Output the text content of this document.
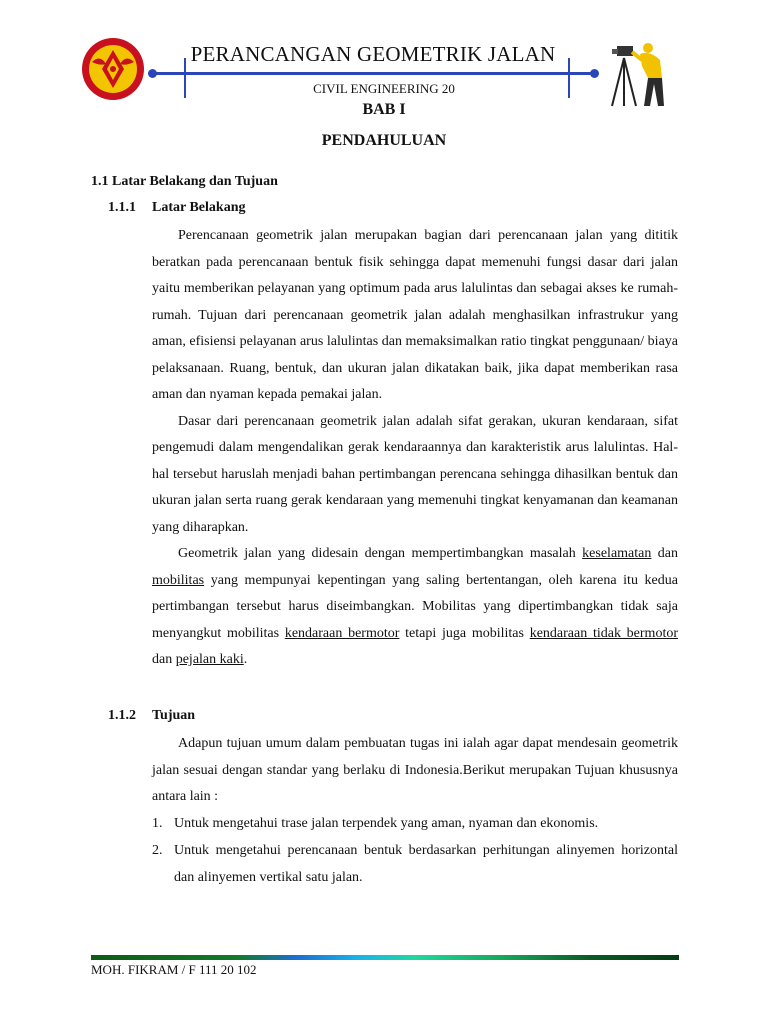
PERANCANGAN GEOMETRIK JALAN
CIVIL ENGINEERING 20
BAB I
PENDAHULUAN
1.1 Latar Belakang dan Tujuan
1.1.1 Latar Belakang

Perencanaan geometrik jalan merupakan bagian dari perencanaan jalan yang dititik beratkan pada perencanaan bentuk fisik sehingga dapat memenuhi fungsi dasar dari jalan yaitu memberikan pelayanan yang optimum pada arus lalulintas dan sebagai akses ke rumah-rumah. Tujuan dari perencanaan geometrik jalan adalah menghasilkan infrastrukur yang aman, efisiensi pelayanan arus lalulintas dan memaksimalkan ratio tingkat penggunaan/ biaya pelaksanaan. Ruang, bentuk, dan ukuran jalan dikatakan baik, jika dapat memberikan rasa aman dan nyaman kepada pemakai jalan.

Dasar dari perencanaan geometrik jalan adalah sifat gerakan, ukuran kendaraan, sifat pengemudi dalam mengendalikan gerak kendaraannya dan karakteristik arus lalulintas. Hal-hal tersebut haruslah menjadi bahan pertimbangan perencana sehingga dihasilkan bentuk dan ukuran jalan serta ruang gerak kendaraan yang memenuhi tingkat kenyamanan dan keamanan yang diharapkan.

Geometrik jalan yang didesain dengan mempertimbangkan masalah keselamatan dan mobilitas yang mempunyai kepentingan yang saling bertentangan, oleh karena itu kedua pertimbangan tersebut harus diseimbangkan. Mobilitas yang dipertimbangkan tidak saja menyangkut mobilitas kendaraan bermotor tetapi juga mobilitas kendaraan tidak bermotor dan pejalan kaki.

1.1.2 Tujuan

Adapun tujuan umum dalam pembuatan tugas ini ialah agar dapat mendesain geometrik jalan sesuai dengan standar yang berlaku di Indonesia.Berikut merupakan Tujuan khususnya antara lain :

1. Untuk mengetahui trase jalan terpendek yang aman, nyaman dan ekonomis.
2. Untuk mengetahui perencanaan bentuk berdasarkan perhitungan alinyemen horizontal dan alinyemen vertikal satu jalan.
MOH. FIKRAM / F 111 20 102
